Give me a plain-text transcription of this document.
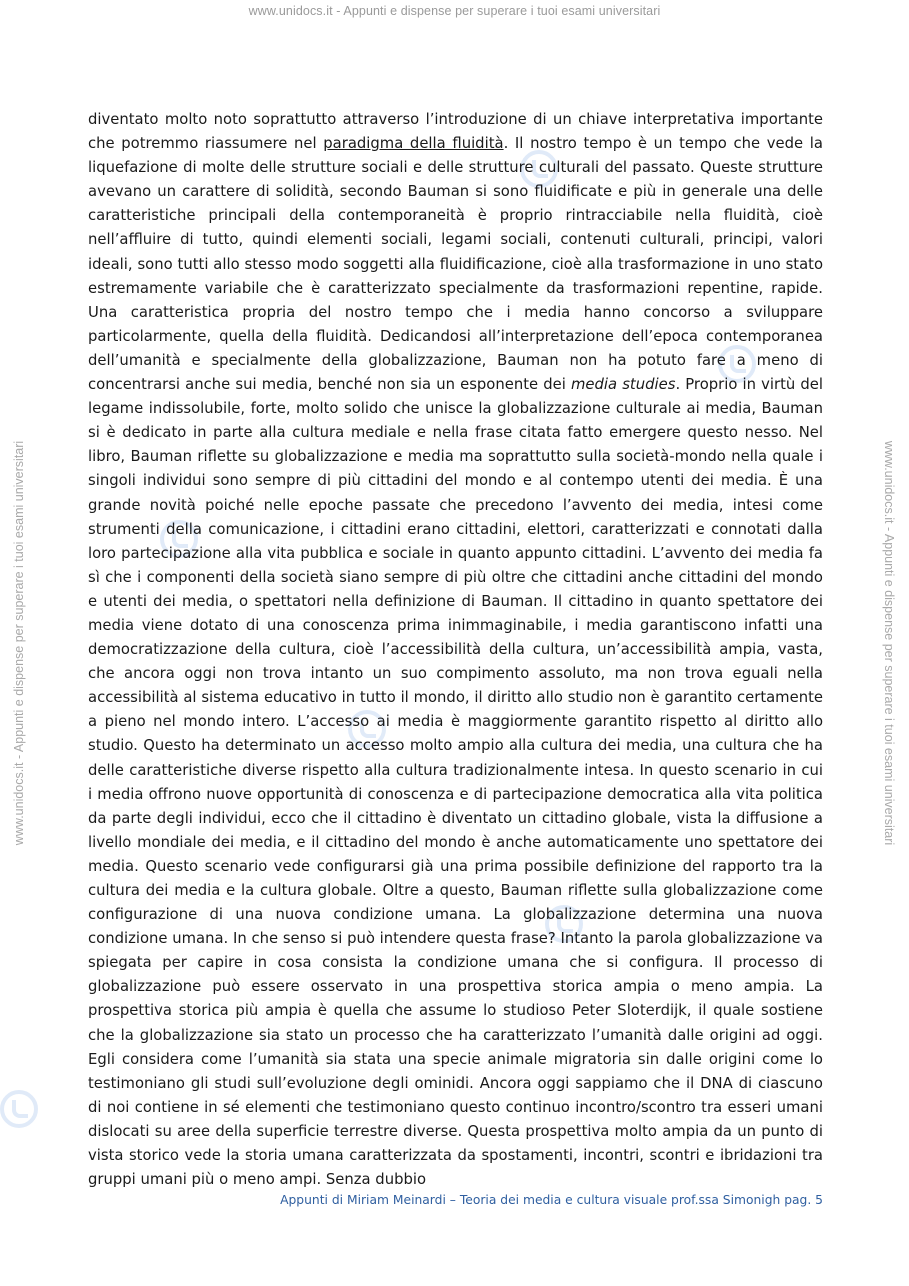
www.unidocs.it - Appunti e dispense per superare i tuoi esami universitari
www.unidocs.it - Appunti e dispense per superare i tuoi esami universitari	www.unidocs.it - Appunti e dispense per superare i tuoi esami universitari
diventato molto noto soprattutto attraverso l’introduzione di un chiave interpretativa importante che potremmo riassumere nel paradigma della fluidità. Il nostro tempo è un tempo che vede la liquefazione di molte delle strutture sociali e delle strutture culturali del passato. Queste strutture avevano un carattere di solidità, secondo Bauman si sono fluidificate e più in generale una delle caratteristiche principali della contemporaneità è proprio rintracciabile nella fluidità, cioè nell’affluire di tutto, quindi elementi sociali, legami sociali, contenuti culturali, principi, valori ideali, sono tutti allo stesso modo soggetti alla fluidificazione, cioè alla trasformazione in uno stato estremamente variabile che è caratterizzato specialmente da trasformazioni repentine, rapide. Una caratteristica propria del nostro tempo che i media hanno concorso a sviluppare particolarmente, quella della fluidità. Dedicandosi all’interpretazione dell’epoca contemporanea dell’umanità e specialmente della globalizzazione, Bauman non ha potuto fare a meno di concentrarsi anche sui media, benché non sia un esponente dei media studies. Proprio in virtù del legame indissolubile, forte, molto solido che unisce la globalizzazione culturale ai media, Bauman si è dedicato in parte alla cultura mediale e nella frase citata fatto emergere questo nesso. Nel libro, Bauman riflette su globalizzazione e media ma soprattutto sulla società-mondo nella quale i singoli individui sono sempre di più cittadini del mondo e al contempo utenti dei media. È una grande novità poiché nelle epoche passate che precedono l’avvento dei media, intesi come strumenti della comunicazione, i cittadini erano cittadini, elettori, caratterizzati e connotati dalla loro partecipazione alla vita pubblica e sociale in quanto appunto cittadini. L’avvento dei media fa sì che i componenti della società siano sempre di più oltre che cittadini anche cittadini del mondo e utenti dei media, o spettatori nella definizione di Bauman. Il cittadino in quanto spettatore dei media viene dotato di una conoscenza prima inimmaginabile, i media garantiscono infatti una democratizzazione della cultura, cioè l’accessibilità della cultura, un’accessibilità ampia, vasta, che ancora oggi non trova intanto un suo compimento assoluto, ma non trova eguali nella accessibilità al sistema educativo in tutto il mondo, il diritto allo studio non è garantito certamente a pieno nel mondo intero. L’accesso ai media è maggiormente garantito rispetto al diritto allo studio. Questo ha determinato un accesso molto ampio alla cultura dei media, una cultura che ha delle caratteristiche diverse rispetto alla cultura tradizionalmente intesa. In questo scenario in cui i media offrono nuove opportunità di conoscenza e di partecipazione democratica alla vita politica da parte degli individui, ecco che il cittadino è diventato un cittadino globale, vista la diffusione a livello mondiale dei media, e il cittadino del mondo è anche automaticamente uno spettatore dei media. Questo scenario vede configurarsi già una prima possibile definizione del rapporto tra la cultura dei media e la cultura globale. Oltre a questo, Bauman riflette sulla globalizzazione come configurazione di una nuova condizione umana. La globalizzazione determina una nuova condizione umana. In che senso si può intendere questa frase? Intanto la parola globalizzazione va spiegata per capire in cosa consista la condizione umana che si configura. Il processo di globalizzazione può essere osservato in una prospettiva storica ampia o meno ampia. La prospettiva storica più ampia è quella che assume lo studioso Peter Sloterdijk, il quale sostiene che la globalizzazione sia stato un processo che ha caratterizzato l’umanità dalle origini ad oggi. Egli considera come l’umanità sia stata una specie animale migratoria sin dalle origini come lo testimoniano gli studi sull’evoluzione degli ominidi. Ancora oggi sappiamo che il DNA di ciascuno di noi contiene in sé elementi che testimoniano questo continuo incontro/scontro tra esseri umani dislocati su aree della superficie terrestre diverse. Questa prospettiva molto ampia da un punto di vista storico vede la storia umana caratterizzata da spostamenti, incontri, scontri e ibridazioni tra gruppi umani più o meno ampi. Senza dubbio
Appunti di Miriam Meinardi – Teoria dei media e cultura visuale prof.ssa Simonigh pag. 5
